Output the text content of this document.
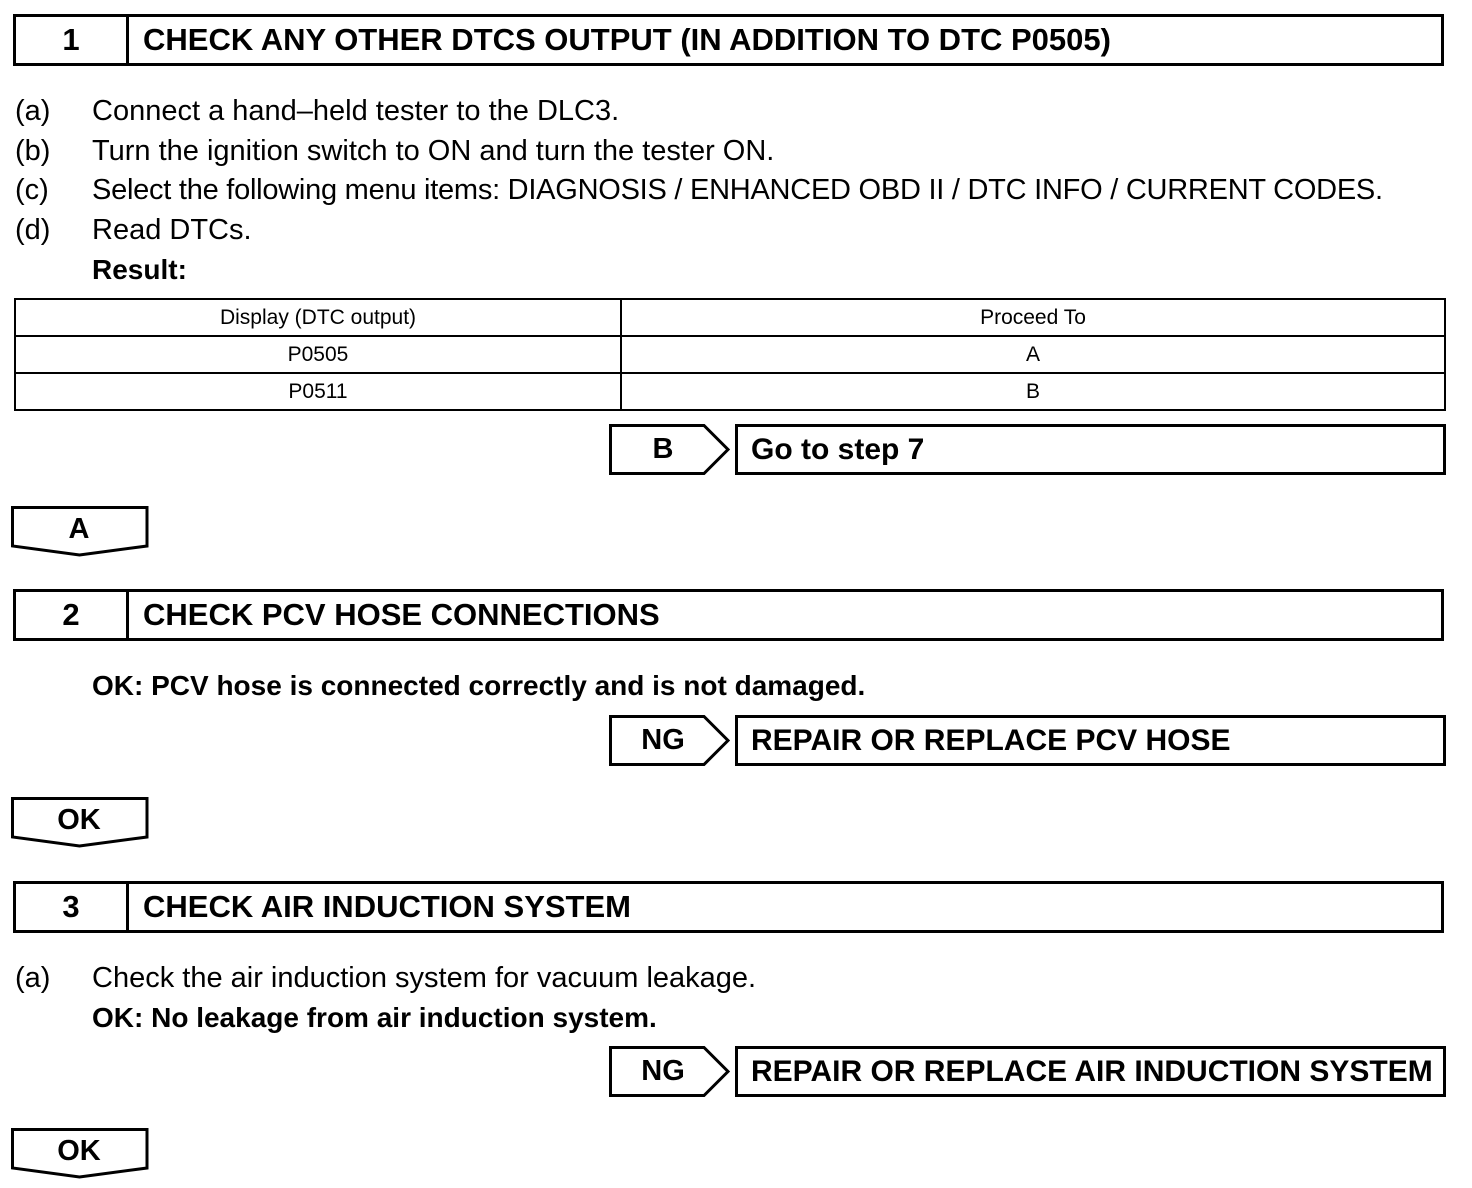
1	CHECK ANY OTHER DTCS OUTPUT (IN ADDITION TO DTC P0505)
(a) Connect a hand–held tester to the DLC3.
(b) Turn the ignition switch to ON and turn the tester ON.
(c) Select the following menu items: DIAGNOSIS / ENHANCED OBD II / DTC INFO / CURRENT CODES.
(d) Read DTCs.
Result:
Display (DTC output)	Proceed To
P0505	A
P0511	B
B	Go to step 7
A
2	CHECK PCV HOSE CONNECTIONS
OK: PCV hose is connected correctly and is not damaged.
NG	REPAIR OR REPLACE PCV HOSE
OK
3	CHECK AIR INDUCTION SYSTEM
(a) Check the air induction system for vacuum leakage.
OK: No leakage from air induction system.
NG	REPAIR OR REPLACE AIR INDUCTION SYSTEM
OK
